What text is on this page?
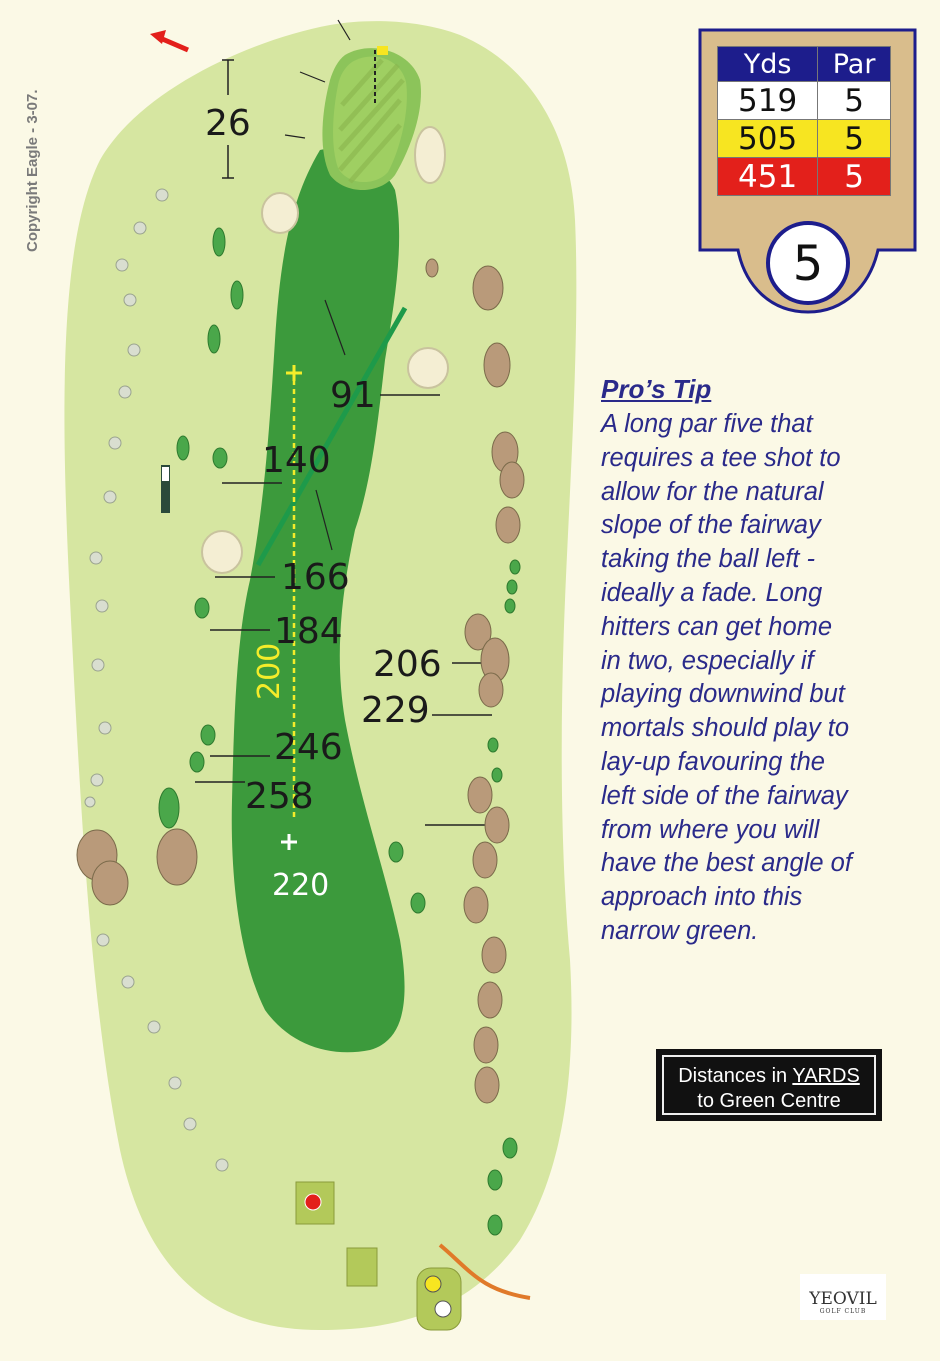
Copyright Eagle - 3-07.	26
91
140
166
184
206
229
246
258
220
200
Yds	Par
519	5
505	5
451	5
5
Pro’s Tip
A long par five that
requires a tee shot to
allow for the natural
slope of the fairway
taking the ball left -
ideally a fade. Long
hitters can get home
in two, especially if
playing downwind but
mortals should play to
lay-up favouring the
left side of the fairway
from where you will
have the best angle of
approach into this
narrow green.
Distances in YARDS
to Green Centre
YEOVIL
GOLF CLUB
